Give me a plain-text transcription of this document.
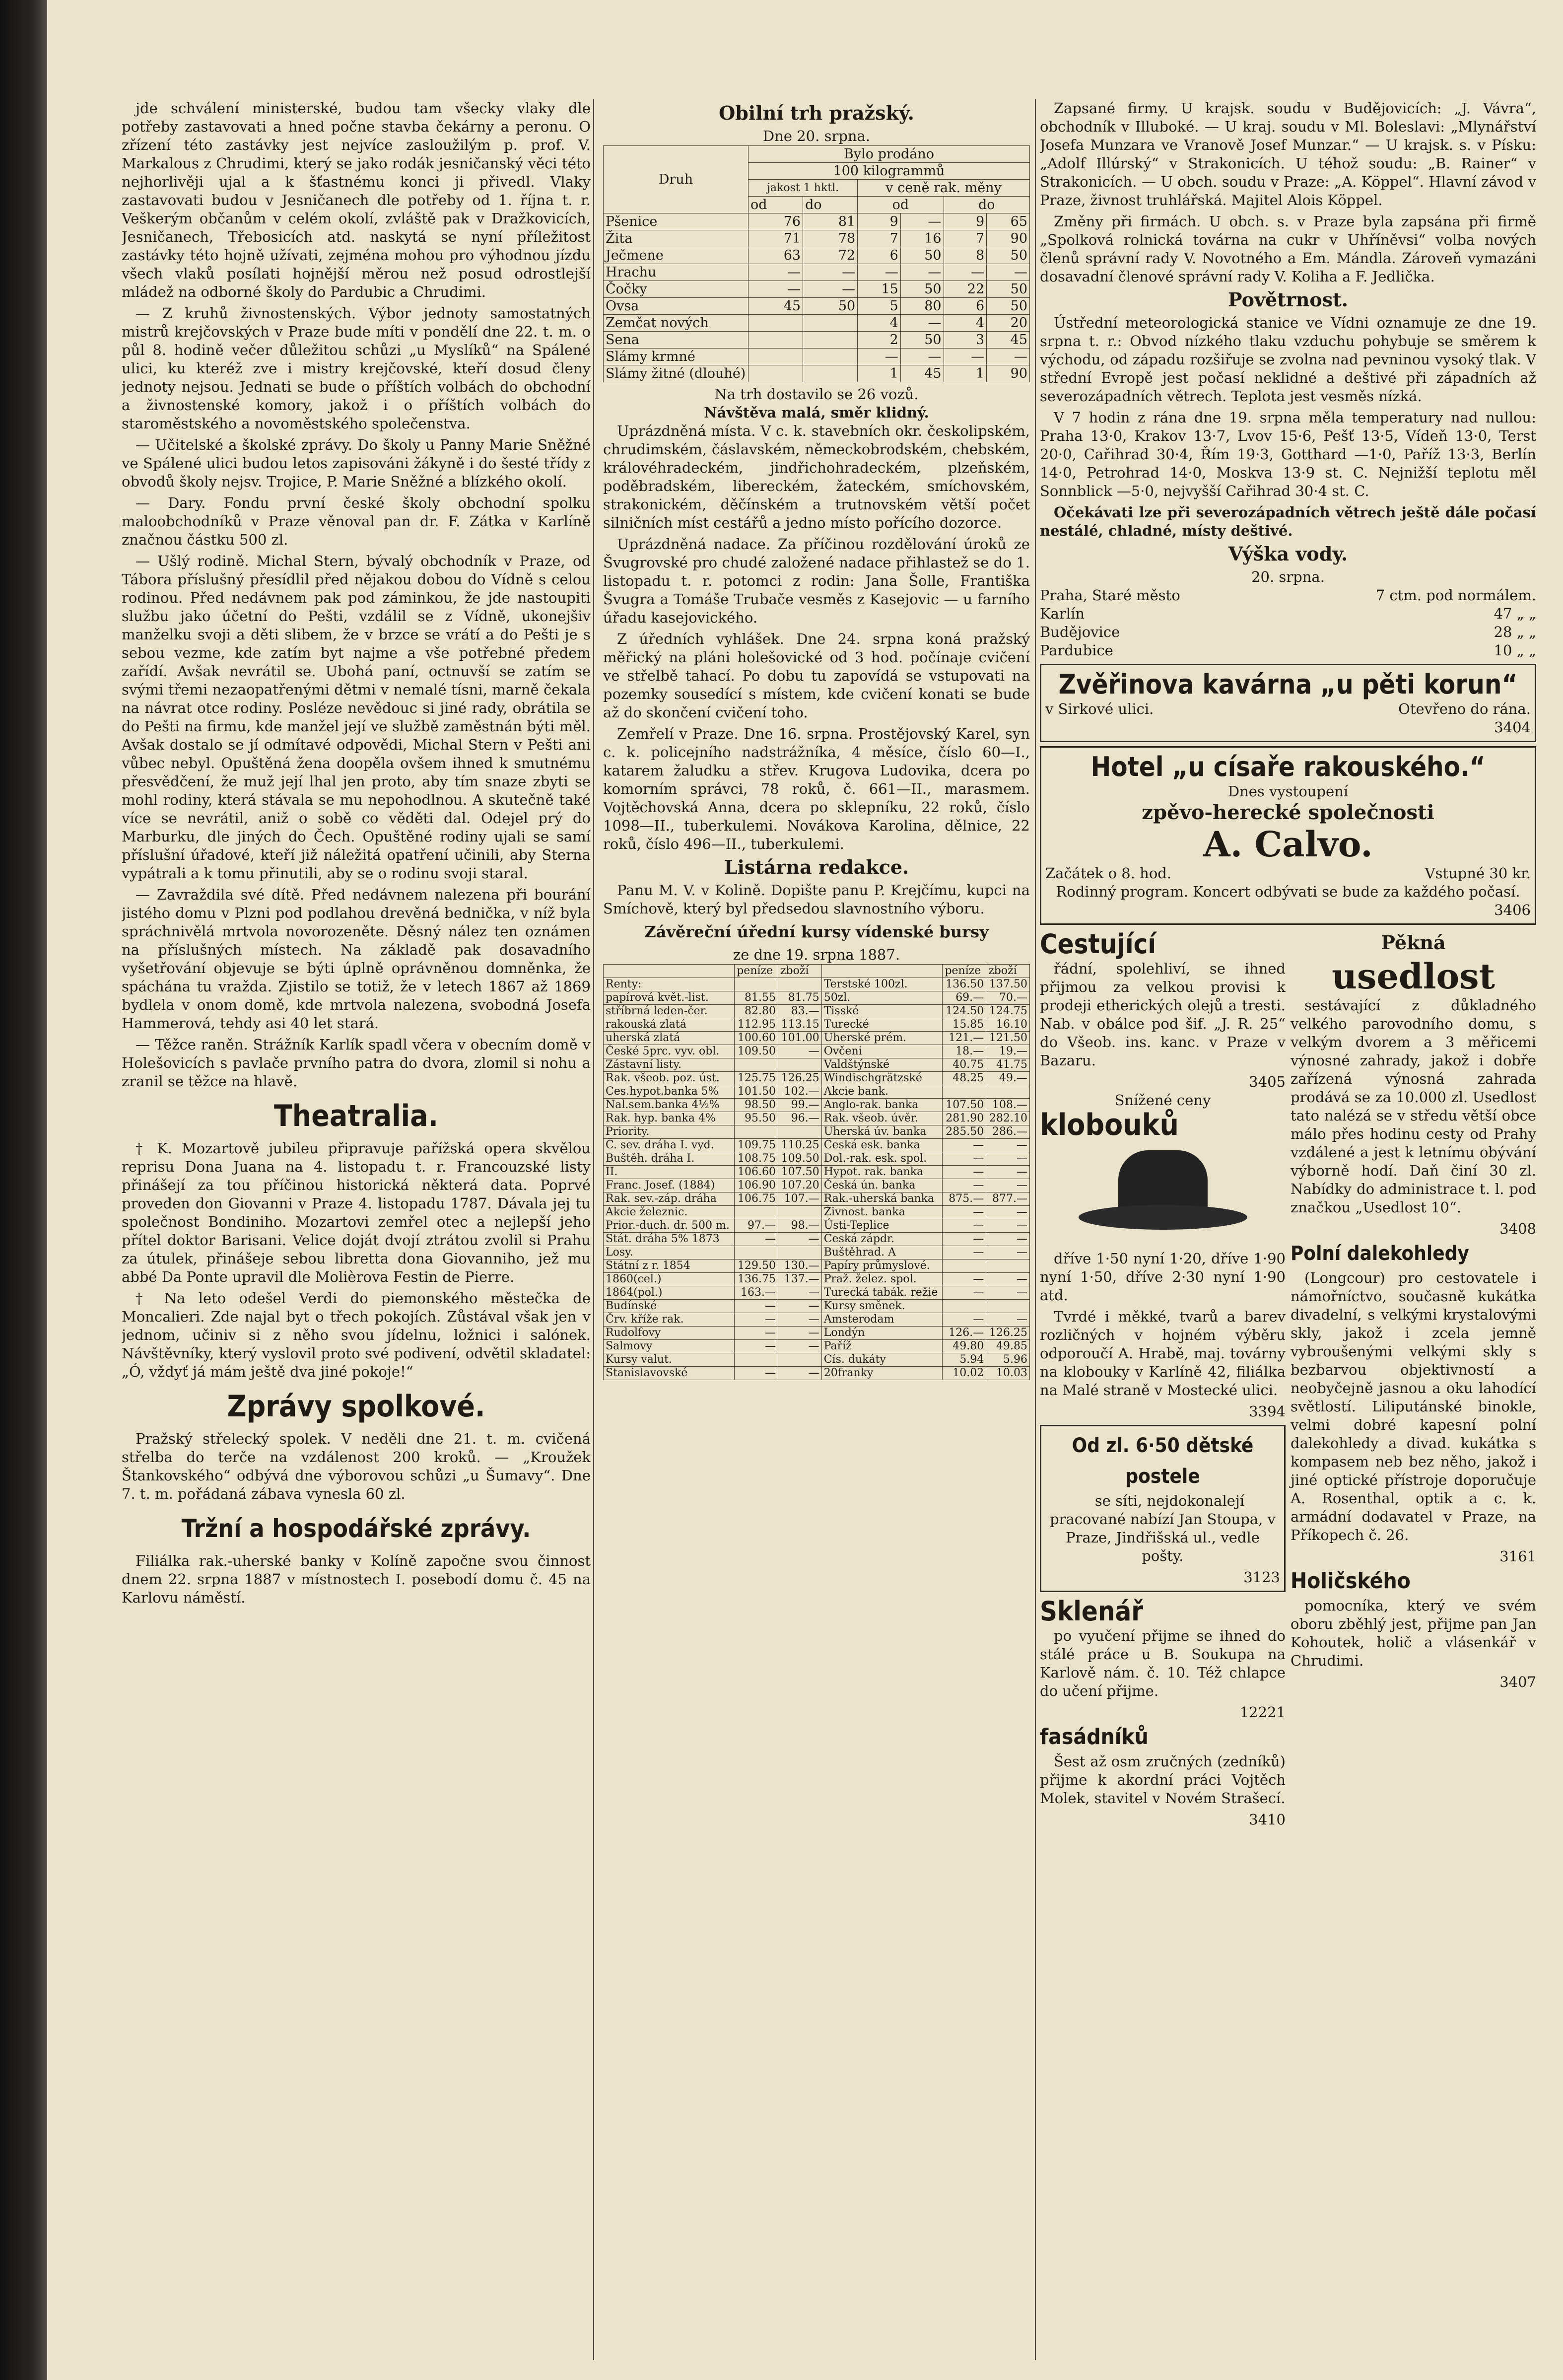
jde schválení ministerské, budou tam všecky vlaky dle potřeby zastavovati a hned počne stavba čekárny a peronu. O zřízení této zastávky jest nejvíce zasloužilým p. prof. V. Markalous z Chrudimi, který se jako rodák jesničanský věci této nejhorlivěji ujal a k šťastnému konci ji přivedl. Vlaky zastavovati budou v Jesničanech dle potřeby od 1. října t. r. Veškerým občanům v celém okolí, zvláště pak v Dražkovicích, Jesničanech, Třebosicích atd. naskytá se nyní příležitost zastávky této hojně užívati, zejména mohou pro výhodnou jízdu všech vlaků posílati hojnější měrou než posud odrostlejší mládež na odborné školy do Pardubic a Chrudimi.

— Z kruhů živnostenských. Výbor jednoty samostatných mistrů krejčovských v Praze bude míti v pondělí dne 22. t. m. o půl 8. hodině večer důležitou schůzi „u Myslíků“ na Spálené ulici, ku kteréž zve i mistry krejčovské, kteří dosud členy jednoty nejsou. Jednati se bude o příštích volbách do obchodní a živnostenské komory, jakož i o příštích volbách do staroměstského a novoměstského společenstva.

— Učitelské a školské zprávy. Do školy u Panny Marie Sněžné ve Spálené ulici budou letos zapisováni žákyně i do šesté třídy z obvodů školy nejsv. Trojice, P. Marie Sněžné a blízkého okolí.

— Dary. Fondu první české školy obchodní spolku maloobchodníků v Praze věnoval pan dr. F. Zátka v Karlíně značnou částku 500 zl.

— Ušlý rodině. Michal Stern, bývalý obchodník v Praze, od Tábora příslušný přesídlil před nějakou dobou do Vídně s celou rodinou. Před nedávnem pak pod záminkou, že jde nastoupiti službu jako účetní do Pešti, vzdálil se z Vídně, ukonejšiv manželku svoji a děti slibem, že v brzce se vrátí a do Pešti je s sebou vezme, kde zatím byt najme a vše potřebné předem zařídí. Avšak nevrátil se. Ubohá paní, octnuvší se zatím se svými třemi nezaopatřenými dětmi v nemalé tísni, marně čekala na návrat otce rodiny. Posléze nevědouc si jiné rady, obrátila se do Pešti na firmu, kde manžel její ve službě zaměstnán býti měl. Avšak dostalo se jí odmítavé odpovědi, Michal Stern v Pešti ani vůbec nebyl. Opuštěná žena doopěla ovšem ihned k smutnému přesvědčení, že muž její lhal jen proto, aby tím snaze zbyti se mohl rodiny, která stávala se mu nepohodlnou. A skutečně také více se nevrátil, aniž o sobě co věděti dal. Odejel prý do Marburku, dle jiných do Čech. Opuštěné rodiny ujali se samí příslušní úřadové, kteří již náležitá opatření učinili, aby Sterna vypátrali a k tomu přinutili, aby se o rodinu svoji staral.

— Zavraždila své dítě. Před nedávnem nalezena při bourání jistého domu v Plzni pod podlahou drevěná bednička, v níž byla spráchnivělá mrtvola novorozeněte. Děsný nález ten oznámen na příslušných místech. Na základě pak dosavadního vyšetřování objevuje se býti úplně oprávněnou domněnka, že spáchána tu vražda. Zjistilo se totiž, že v letech 1867 až 1869 bydlela v onom domě, kde mrtvola nalezena, svobodná Josefa Hammerová, tehdy asi 40 let stará.

— Těžce raněn. Strážník Karlík spadl včera v obecním domě v Holešovicích s pavlače prvního patra do dvora, zlomil si nohu a zranil se těžce na hlavě.

Theatralia.

† K. Mozartově jubileu připravuje pařížská opera skvělou reprisu Dona Juana na 4. listopadu t. r. Francouzské listy přinášejí za tou příčinou historická některá data. Poprvé proveden don Giovanni v Praze 4. listopadu 1787. Dávala jej tu společnost Bondiniho. Mozartovi zemřel otec a nejlepší jeho přítel doktor Barisani. Velice doját dvojí ztrátou zvolil si Prahu za útulek, přinášeje sebou libretta dona Giovanniho, jež mu abbé Da Ponte upravil dle Molièrova Festin de Pierre.

† Na leto odešel Verdi do piemonského městečka de Moncalieri. Zde najal byt o třech pokojích. Zůstával však jen v jednom, učiniv si z něho svou jídelnu, ložnici i salónek. Návštěvníky, který vyslovil proto své podivení, odvětil skladatel: „Ó, vždyť já mám ještě dva jiné pokoje!“

Zprávy spolkové.

Pražský střelecký spolek. V neděli dne 21. t. m. cvičená střelba do terče na vzdálenost 200 kroků. — „Kroužek Štankovského“ odbývá dne výborovou schůzi „u Šumavy“. Dne 7. t. m. pořádaná zábava vynesla 60 zl.

Tržní a hospodářské zprávy.

Filiálka rak.-uherské banky v Kolíně započne svou činnost dnem 22. srpna 1887 v místnostech I. posebodí domu č. 45 na Karlovu náměstí.

Obilní trh pražský.
Dne 20. srpna.
Druh	Bylo prodáno					
	100 kilogrammů					
	jakost 1 hktl.		v ceně rak. měny			
	od	do	od		do	
Pšenice	76	81	9	—	9	65
Žita	71	78	7	16	7	90
Ječmene	63	72	6	50	8	50
Hrachu	—	—	—	—	—	—
Čočky	—	—	15	50	22	50
Ovsa	45	50	5	80	6	50
Zemčat nových			4	—	4	20
Sena			2	50	3	45
Slámy krmné			—	—	—	—
Slámy žitné (dlouhé)			1	45	1	90
Na trh dostavilo se 26 vozů.
Návštěva malá, směr klidný.

Uprázdněná místa. V c. k. stavebních okr. českolipském, chrudimském, čáslavském, německobrodském, chebském, královéhradeckém, jindřichohradeckém, plzeňském, poděbradském, libereckém, žateckém, smíchovském, strakonickém, děčínském a trutnovském větší počet silničních míst cestářů a jedno místo pořícího dozorce.

Uprázdněná nadace. Za příčinou rozdělování úroků ze Švugrovské pro chudé založené nadace přihlastež se do 1. listopadu t. r. potomci z rodin: Jana Šolle, Františka Švugra a Tomáše Trubače vesměs z Kasejovic — u farního úřadu kasejovického.

Z úředních vyhlášek. Dne 24. srpna koná pražský měřický na pláni holešovické od 3 hod. počínaje cvičení ve střelbě tahací. Po dobu tu zapovídá se vstupovati na pozemky sousedící s místem, kde cvičení konati se bude až do skončení cvičení toho.

Zemřelí v Praze. Dne 16. srpna. Prostějovský Karel, syn c. k. policejního nadstrážníka, 4 měsíce, číslo 60—I., katarem žaludku a střev. Krugova Ludovika, dcera po komorním správci, 78 roků, č. 661—II., marasmem. Vojtěchovská Anna, dcera po sklepníku, 22 roků, číslo 1098—II., tuberkulemi. Novákova Karolina, dělnice, 22 roků, číslo 496—II., tuberkulemi.

Listárna redakce.

Panu M. V. v Kolině. Dopište panu P. Krejčímu, kupci na Smíchově, který byl předsedou slavnostního výboru.

Závěreční úřední kursy vídenské bursy
ze dne 19. srpna 1887.
	peníze	zboží		peníze	zboží
Renty:			Terstské 100zl.	136.50	137.50
papírová květ.-list.	81.55	81.75	50zl.	69.—	70.—
stříbrná leden-čer.	82.80	83.—	Tisské	124.50	124.75
rakouská zlatá	112.95	113.15	Turecké	15.85	16.10
uherská zlatá	100.60	101.00	Uherské prém.	121.—	121.50
České 5prc. vyv. obl.	109.50	—	Ovčeni	18.—	19.—
Zástavní listy.			Valdštýnské	40.75	41.75
Rak. všeob. poz. úst.	125.75	126.25	Windischgrätzské	48.25	49.—
Ces.hypot.banka 5%	101.50	102.—	Akcie bank.		
Nal.sem.banka 4½%	98.50	99.—	Anglo-rak. banka	107.50	108.—
Rak. hyp. banka 4%	95.50	96.—	Rak. všeob. úvěr.	281.90	282.10
Priority.			Uherská úv. banka	285.50	286.—
Č. sev. dráha I. vyd.	109.75	110.25	Česká esk. banka	—	—
Buštěh. dráha I.	108.75	109.50	Dol.-rak. esk. spol.	—	—
II.	106.60	107.50	Hypot. rak. banka	—	—
Franc. Josef. (1884)	106.90	107.20	Česká ún. banka	—	—
Rak. sev.-záp. dráha	106.75	107.—	Rak.-uherská banka	875.—	877.—
Akcie železnic.			Živnost. banka	—	—
Prior.-duch. dr. 500 m.	97.—	98.—	Ústi-Teplice	—	—
Stát. dráha 5% 1873	—	—	Česká zápdr.	—	—
Losy.			Buštěhrad. A	—	—
Státní z r. 1854	129.50	130.—	Papíry průmyslové.		
1860(cel.)	136.75	137.—	Praž. želez. spol.	—	—
1864(pol.)	163.—	—	Turecká tabák. režie	—	—
Budínské	—	—	Kursy směnek.		
Črv. kříže rak.	—	—	Amsterodam	—	—
Rudolfovy	—	—	Londýn	126.—	126.25
Salmovy	—	—	Paříž	49.80	49.85
Kursy valut.			Cís. dukáty	5.94	5.96
Stanislavovské	—	—	20franky	10.02	10.03

Zapsané firmy. U krajsk. soudu v Budějovicích: „J. Vávra“, obchodník v Illuboké. — U kraj. soudu v Ml. Boleslavi: „Mlynářství Josefa Munzara ve Vranově Josef Munzar.“ — U krajsk. s. v Písku: „Adolf Illúrský“ v Strakonicích. U téhož soudu: „B. Rainer“ v Strakonicích. — U obch. soudu v Praze: „A. Köppel“. Hlavní závod v Praze, živnost truhlářská. Majitel Alois Köppel.

Změny při firmách. U obch. s. v Praze byla zapsána při firmě „Spolková rolnická továrna na cukr v Uhříněvsi“ volba nových členů správní rady V. Novotného a Em. Mándla. Zároveň vymazáni dosavadní členové správní rady V. Koliha a F. Jedlička.

Povětrnost.

Ústřední meteorologická stanice ve Vídni oznamuje ze dne 19. srpna t. r.: Obvod nízkého tlaku vzduchu pohybuje se směrem k východu, od západu rozšiřuje se zvolna nad pevninou vysoký tlak. V střední Evropě jest počasí neklidné a deštivé při západních až severozápadních větrech. Teplota jest vesměs nízká.

V 7 hodin z rána dne 19. srpna měla temperatury nad nullou: Praha 13·0, Krakov 13·7, Lvov 15·6, Pešť 13·5, Vídeň 13·0, Terst 20·0, Cařihrad 30·4, Řím 19·3, Gotthard —1·0, Paříž 13·3, Berlín 14·0, Petrohrad 14·0, Moskva 13·9 st. C. Nejnižší teplotu měl Sonnblick —5·0, nejvyšší Cařihrad 30·4 st. C.

Očekávati lze při severozápadních větrech ještě dále počasí nestálé, chladné, místy deštivé.

Výška vody.
20. srpna.
Praha, Staré město	7 ctm. pod normálem.
Karlín	47 „ „
Budějovice	28 „ „
Pardubice	10 „ „
Zvěřinova kavárna „u pěti korun“
v Sirkové ulici.	Otevřeno do rána.
3404
Hotel „u císaře rakouského.“
Dnes vystoupení
zpěvo-herecké společnosti
A. Calvo.
Začátek o 8. hod.	Vstupné 30 kr.
Rodinný program. Koncert odbývati se bude za každého počasí.
3406
Cestující

řádní, spolehliví, se ihned přijmou za velkou provisi k prodeji etherických olejů a tresti. Nab. v obálce pod šif. „J. R. 25“ do Všeob. ins. kanc. v Praze v Bazaru.

3405
Snížené ceny
klobouků

dříve 1·50 nyní 1·20, dříve 1·90 nyní 1·50, dříve 2·30 nyní 1·90 atd.

Tvrdé i měkké, tvarů a barev rozličných v hojném výběru odporoučí A. Hrabě, maj. továrny na klobouky v Karlíně 42, filiálka na Malé straně v Mostecké ulici.

3394
Od zl. 6·50 dětské postele

se síti, nejdokonalejí pracované nabízí Jan Stoupa, v Praze, Jindřišská ul., vedle pošty.

3123
Sklenář

po vyučení přijme se ihned do stálé práce u B. Soukupa na Karlově nám. č. 10. Též chlapce do učení přijme.

12221
fasádníků

Šest až osm zručných (zedníků) přijme k akordní práci Vojtěch Molek, stavitel v Novém Strašecí.

3410
Pěkná
usedlost

sestávající z důkladného velkého parovodního domu, s velkým dvorem a 3 měřicemi výnosné zahrady, jakož i dobře zařízená výnosná zahrada prodává se za 10.000 zl. Usedlost tato nalézá se v středu větší obce málo přes hodinu cesty od Prahy vzdálené a jest k letnímu obývání výborně hodí. Daň činí 30 zl. Nabídky do administrace t. l. pod značkou „Usedlost 10“.

3408
Polní dalekohledy

(Longcour) pro cestovatele i námořníctvo, současně kukátka divadelní, s velkými krystalovými skly, jakož i zcela jemně vybroušenými velkými skly s bezbarvou objektivností a neobyčejně jasnou a oku lahodící světlostí. Liliputánské binokle, velmi dobré kapesní polní dalekohledy a divad. kukátka s kompasem neb bez něho, jakož i jiné optické přístroje doporučuje A. Rosenthal, optik a c. k. armádní dodavatel v Praze, na Příkopech č. 26.

3161
Holičského

pomocníka, který ve svém oboru zběhlý jest, přijme pan Jan Kohoutek, holič a vlásenkář v Chrudimi.

3407
